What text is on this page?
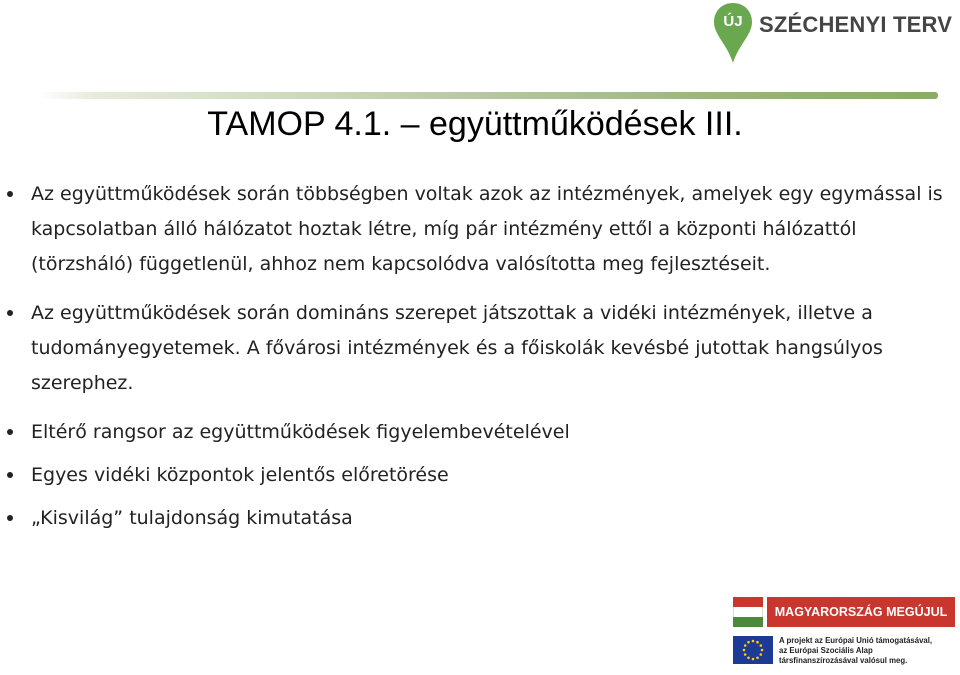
ÚJ SZÉCHENYI TERV
TAMOP 4.1. – együttműködések III.
Az együttműködések során többségben voltak azok az intézmények, amelyek egy egymással is kapcsolatban álló hálózatot hoztak létre, míg pár intézmény ettől a központi hálózattól (törzsháló) függetlenül, ahhoz nem kapcsolódva valósította meg fejlesztéseit.
Az együttműködések során domináns szerepet játszottak a vidéki intézmények, illetve a tudományegyetemek. A fővárosi intézmények és a főiskolák kevésbé jutottak hangsúlyos szerephez.
Eltérő rangsor az együttműködések figyelembevételével
Egyes vidéki központok jelentős előretörése
„Kisvilág” tulajdonság kimutatása
MAGYARORSZÁG MEGÚJUL
A projekt az Európai Unió támogatásával,
az Európai Szociális Alap
társfinanszírozásával valósul meg.
